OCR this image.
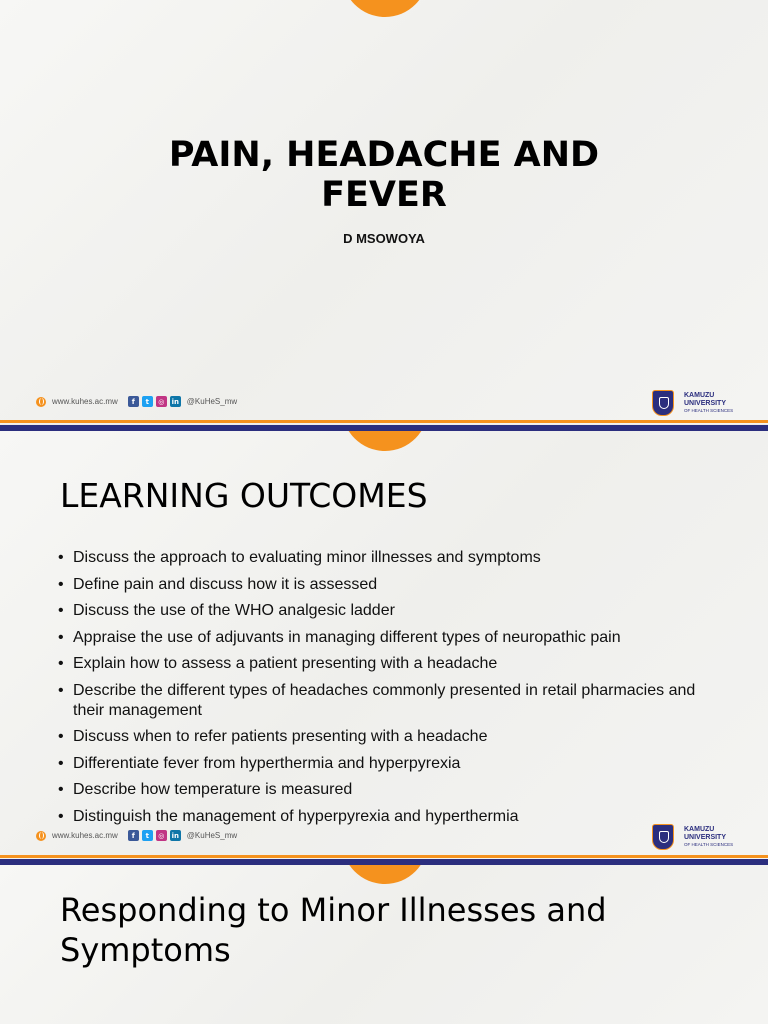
PAIN, HEADACHE AND
FEVER
D MSOWOYA
www.kuhes.ac.mw	f	t	◎	in @KuHeS_mw
KAMUZU
UNIVERSITY
OF HEALTH SCIENCES
LEARNING OUTCOMES
• Discuss the approach to evaluating minor illnesses and symptoms
• Define pain and discuss how it is assessed
• Discuss the use of the WHO analgesic ladder
• Appraise the use of adjuvants in managing different types of neuropathic pain
• Explain how to assess a patient presenting with a headache
• Describe the different types of headaches commonly presented in retail pharmacies and their management
• Discuss when to refer patients presenting with a headache
• Differentiate fever from hyperthermia and hyperpyrexia
• Describe how temperature is measured
• Distinguish the management of hyperpyrexia and hyperthermia
www.kuhes.ac.mw	f	t	◎	in @KuHeS_mw
KAMUZU
UNIVERSITY
OF HEALTH SCIENCES
Responding to Minor Illnesses and
Symptoms
